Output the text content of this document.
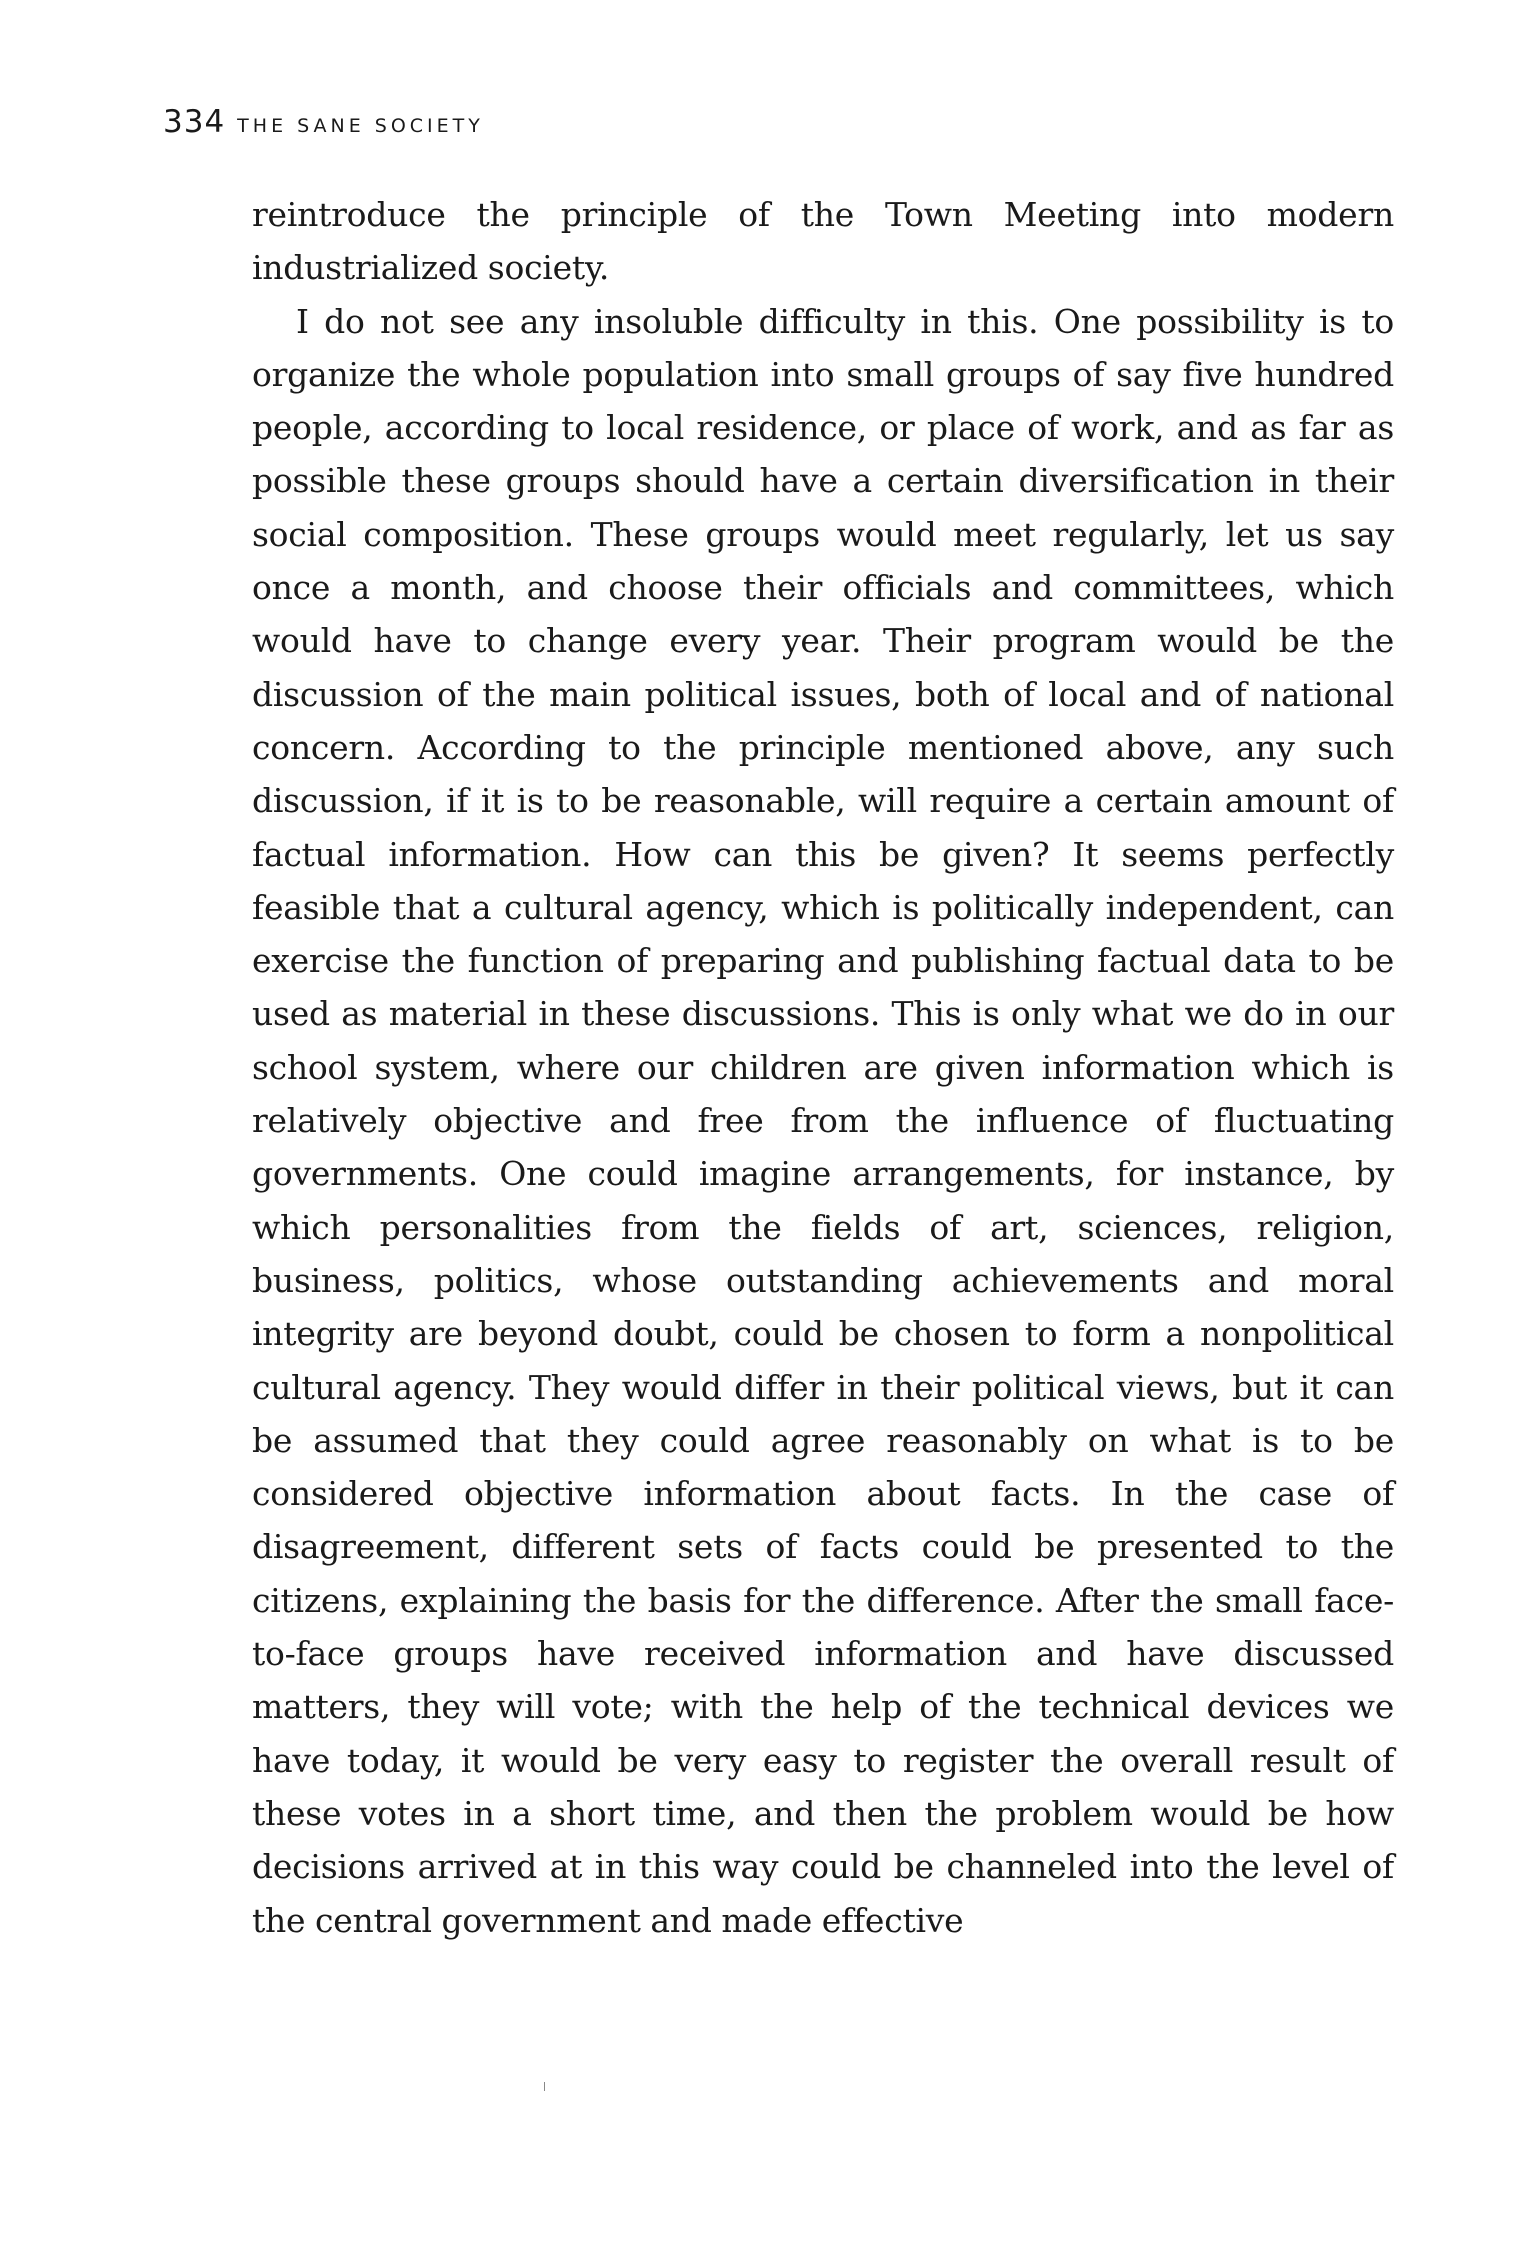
334 THE SANE SOCIETY

reintroduce the principle of the Town Meeting into modern industrialized society.

I do not see any insoluble difficulty in this. One possibility is to organize the whole population into small groups of say five hundred people, according to local residence, or place of work, and as far as possible these groups should have a certain diversification in their social composition. These groups would meet regularly, let us say once a month, and choose their officials and committees, which would have to change every year. Their program would be the discussion of the main political issues, both of local and of national concern. According to the principle mentioned above, any such discussion, if it is to be reasonable, will require a certain amount of factual information. How can this be given? It seems perfectly feasible that a cultural agency, which is politically independent, can exercise the function of preparing and publishing factual data to be used as material in these discussions. This is only what we do in our school system, where our children are given information which is relatively objective and free from the influence of fluctuating governments. One could imagine arrangements, for instance, by which personalities from the fields of art, sciences, religion, business, politics, whose outstanding achievements and moral integrity are beyond doubt, could be chosen to form a nonpolitical cultural agency. They would differ in their political views, but it can be assumed that they could agree reasonably on what is to be considered objective information about facts. In the case of disagreement, different sets of facts could be presented to the citizens, explaining the basis for the difference. After the small face-to-face groups have received information and have discussed matters, they will vote; with the help of the technical devices we have today, it would be very easy to register the overall result of these votes in a short time, and then the problem would be how decisions arrived at in this way could be channeled into the level of the central government and made effective
